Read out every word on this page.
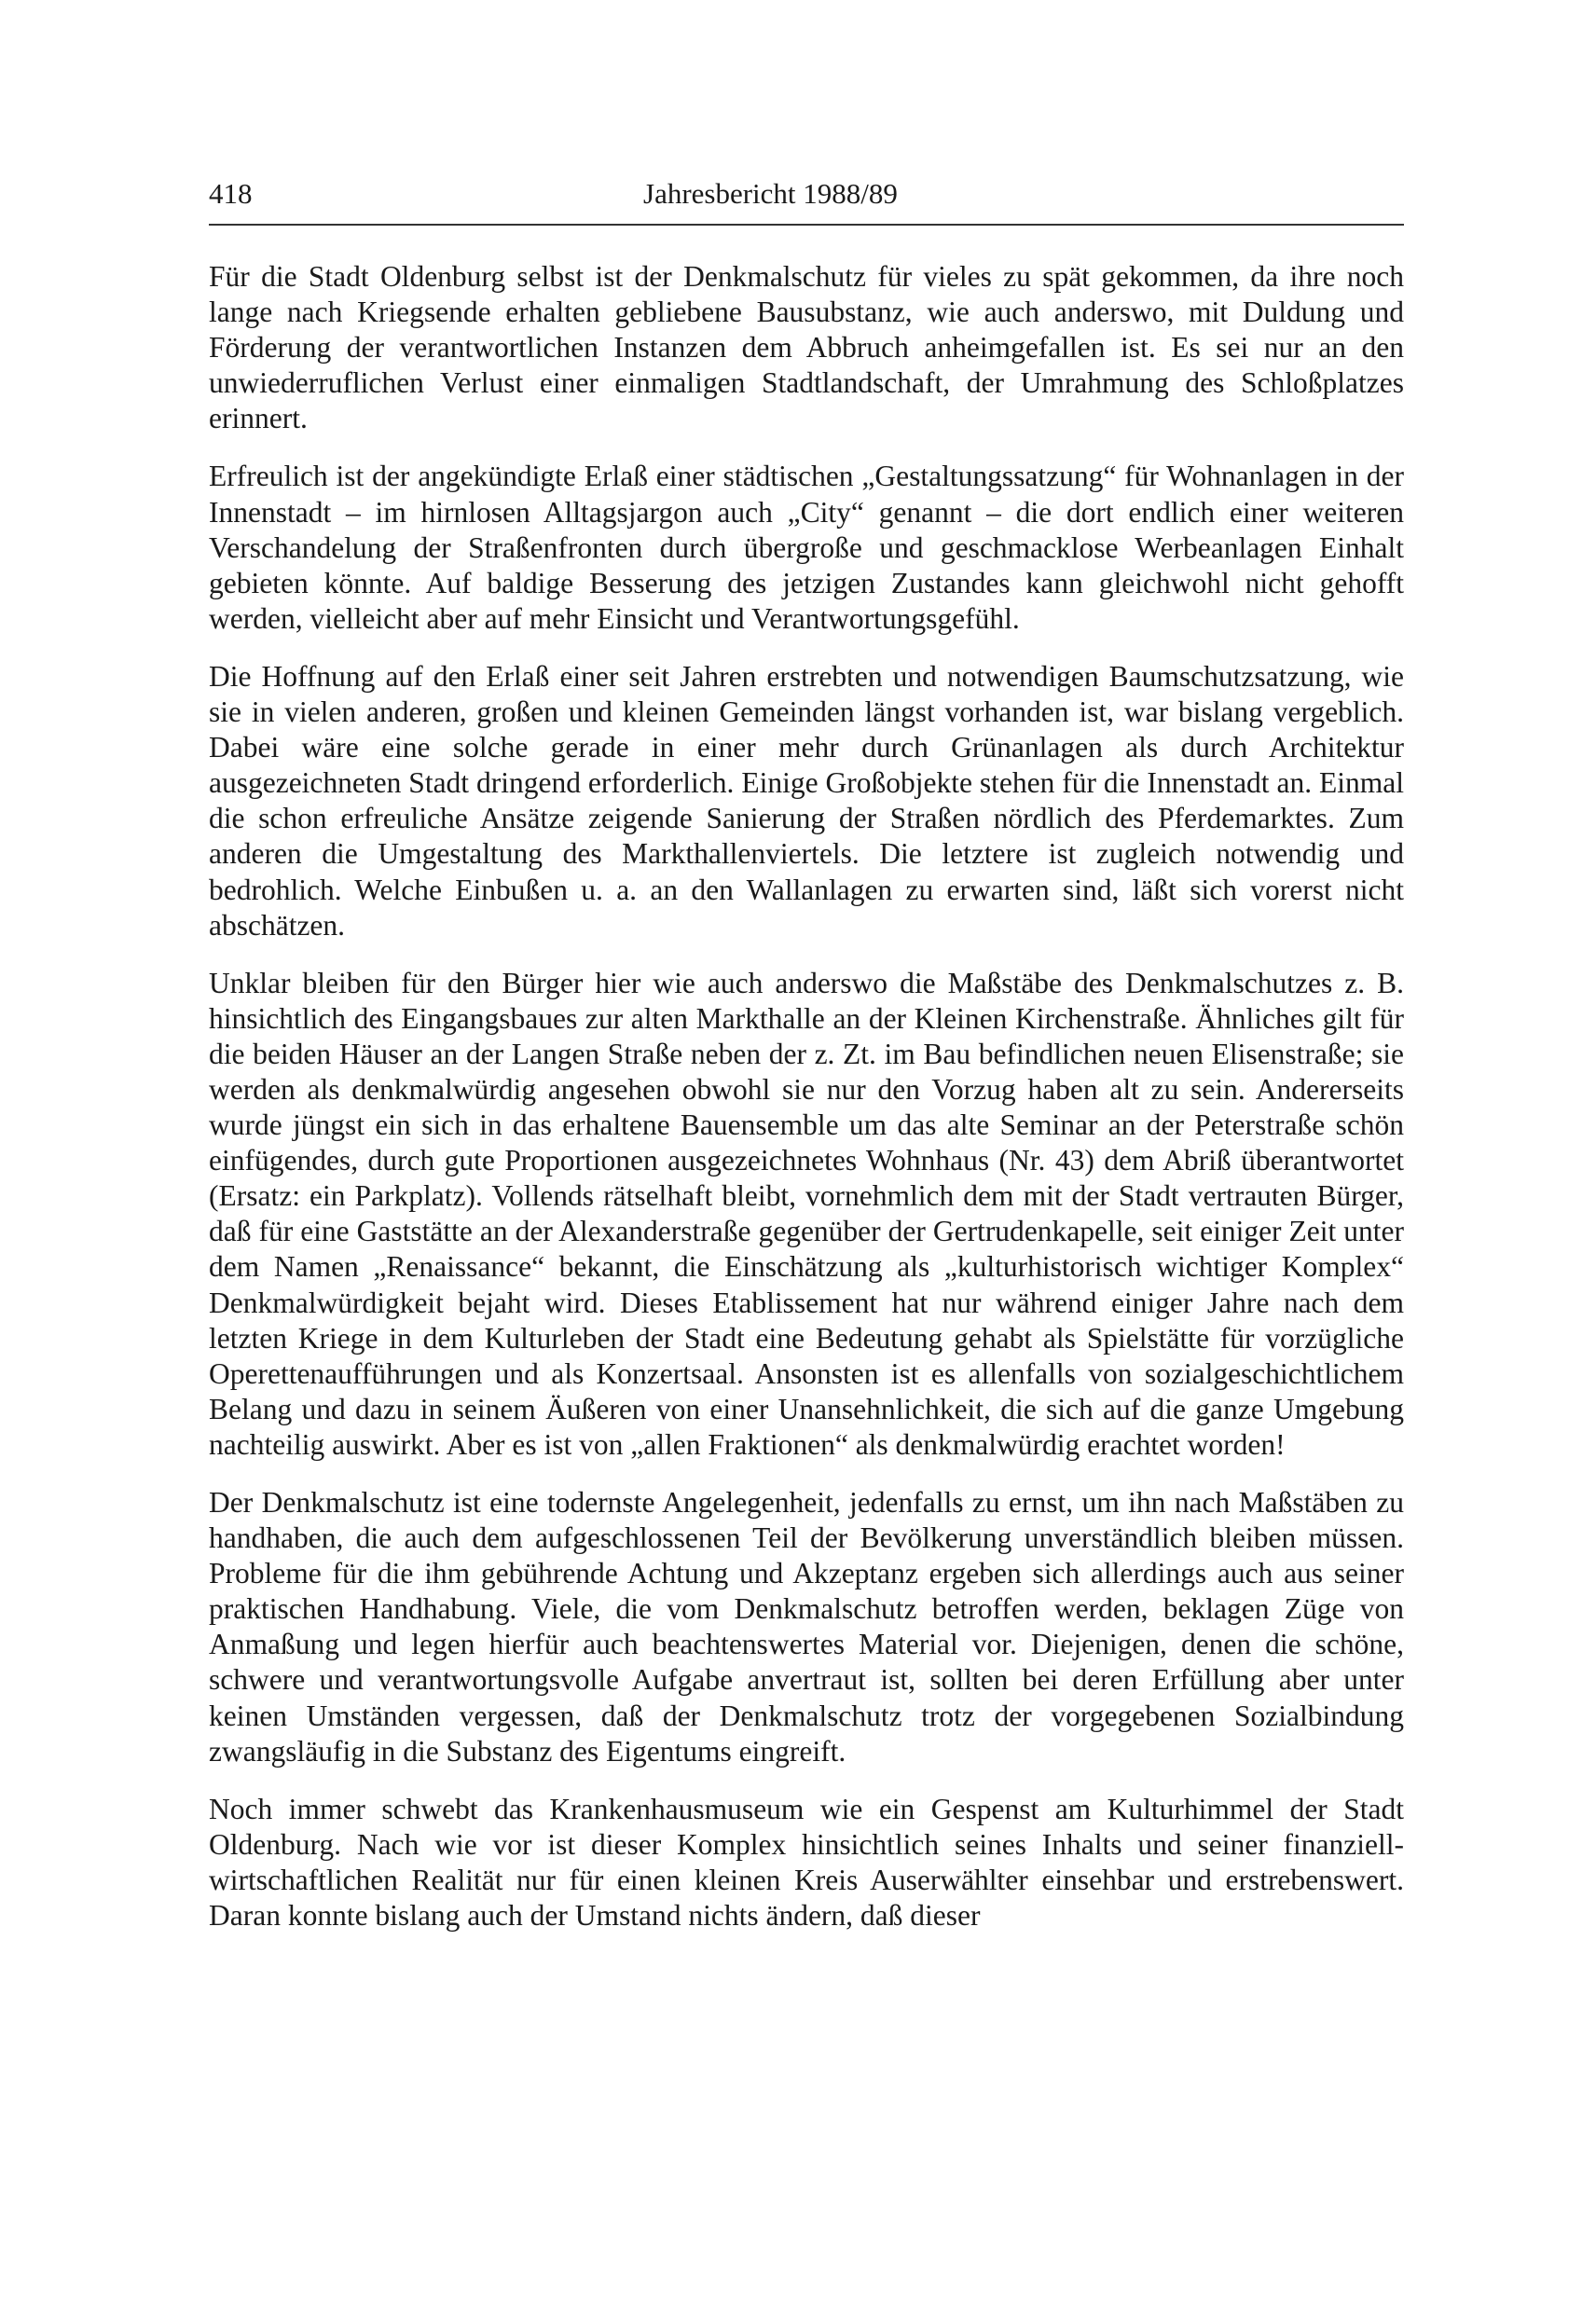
418	Jahresbericht 1988/89

Für die Stadt Oldenburg selbst ist der Denkmalschutz für vieles zu spät gekommen, da ihre noch lange nach Kriegsende erhalten gebliebene Bausubstanz, wie auch anderswo, mit Duldung und Förderung der verantwortlichen Instanzen dem Abbruch anheimgefallen ist. Es sei nur an den unwiederruflichen Verlust einer einmaligen Stadtlandschaft, der Umrahmung des Schloßplatzes erinnert.

Erfreulich ist der angekündigte Erlaß einer städtischen „Gestaltungssatzung“ für Wohnanlagen in der Innenstadt – im hirnlosen Alltagsjargon auch „City“ genannt – die dort endlich einer weiteren Verschandelung der Straßenfronten durch übergroße und geschmacklose Werbeanlagen Einhalt gebieten könnte. Auf baldige Besserung des jetzigen Zustandes kann gleichwohl nicht gehofft werden, vielleicht aber auf mehr Einsicht und Verantwortungsgefühl.

Die Hoffnung auf den Erlaß einer seit Jahren erstrebten und notwendigen Baumschutzsatzung, wie sie in vielen anderen, großen und kleinen Gemeinden längst vorhanden ist, war bislang vergeblich. Dabei wäre eine solche gerade in einer mehr durch Grünanlagen als durch Architektur ausgezeichneten Stadt dringend erforderlich. Einige Großobjekte stehen für die Innenstadt an. Einmal die schon erfreuliche Ansätze zeigende Sanierung der Straßen nördlich des Pferdemarktes. Zum anderen die Umgestaltung des Markthallenviertels. Die letztere ist zugleich notwendig und bedrohlich. Welche Einbußen u. a. an den Wallanlagen zu erwarten sind, läßt sich vorerst nicht abschätzen.

Unklar bleiben für den Bürger hier wie auch anderswo die Maßstäbe des Denkmalschutzes z. B. hinsichtlich des Eingangsbaues zur alten Markthalle an der Kleinen Kirchenstraße. Ähnliches gilt für die beiden Häuser an der Langen Straße neben der z. Zt. im Bau befindlichen neuen Elisenstraße; sie werden als denkmalwürdig angesehen obwohl sie nur den Vorzug haben alt zu sein. Andererseits wurde jüngst ein sich in das erhaltene Bauensemble um das alte Seminar an der Peterstraße schön einfügendes, durch gute Proportionen ausgezeichnetes Wohnhaus (Nr. 43) dem Abriß überantwortet (Ersatz: ein Parkplatz). Vollends rätselhaft bleibt, vornehmlich dem mit der Stadt vertrauten Bürger, daß für eine Gaststätte an der Alexanderstraße gegenüber der Gertrudenkapelle, seit einiger Zeit unter dem Namen „Renaissance“ bekannt, die Einschätzung als „kulturhistorisch wichtiger Komplex“ Denkmalwürdigkeit bejaht wird. Dieses Etablissement hat nur während einiger Jahre nach dem letzten Kriege in dem Kulturleben der Stadt eine Bedeutung gehabt als Spielstätte für vorzügliche Operettenaufführungen und als Konzertsaal. Ansonsten ist es allenfalls von sozialgeschichtlichem Belang und dazu in seinem Äußeren von einer Unansehnlichkeit, die sich auf die ganze Umgebung nachteilig auswirkt. Aber es ist von „allen Fraktionen“ als denkmalwürdig erachtet worden!

Der Denkmalschutz ist eine todernste Angelegenheit, jedenfalls zu ernst, um ihn nach Maßstäben zu handhaben, die auch dem aufgeschlossenen Teil der Bevölkerung unverständlich bleiben müssen. Probleme für die ihm gebührende Achtung und Akzeptanz ergeben sich allerdings auch aus seiner praktischen Handhabung. Viele, die vom Denkmalschutz betroffen werden, beklagen Züge von Anmaßung und legen hierfür auch beachtenswertes Material vor. Diejenigen, denen die schöne, schwere und verantwortungsvolle Aufgabe anvertraut ist, sollten bei deren Erfüllung aber unter keinen Umständen vergessen, daß der Denkmalschutz trotz der vorgegebenen Sozialbindung zwangsläufig in die Substanz des Eigentums eingreift.

Noch immer schwebt das Krankenhausmuseum wie ein Gespenst am Kulturhimmel der Stadt Oldenburg. Nach wie vor ist dieser Komplex hinsichtlich seines Inhalts und seiner finanziell-wirtschaftlichen Realität nur für einen kleinen Kreis Auserwählter einsehbar und erstrebenswert. Daran konnte bislang auch der Umstand nichts ändern, daß dieser
